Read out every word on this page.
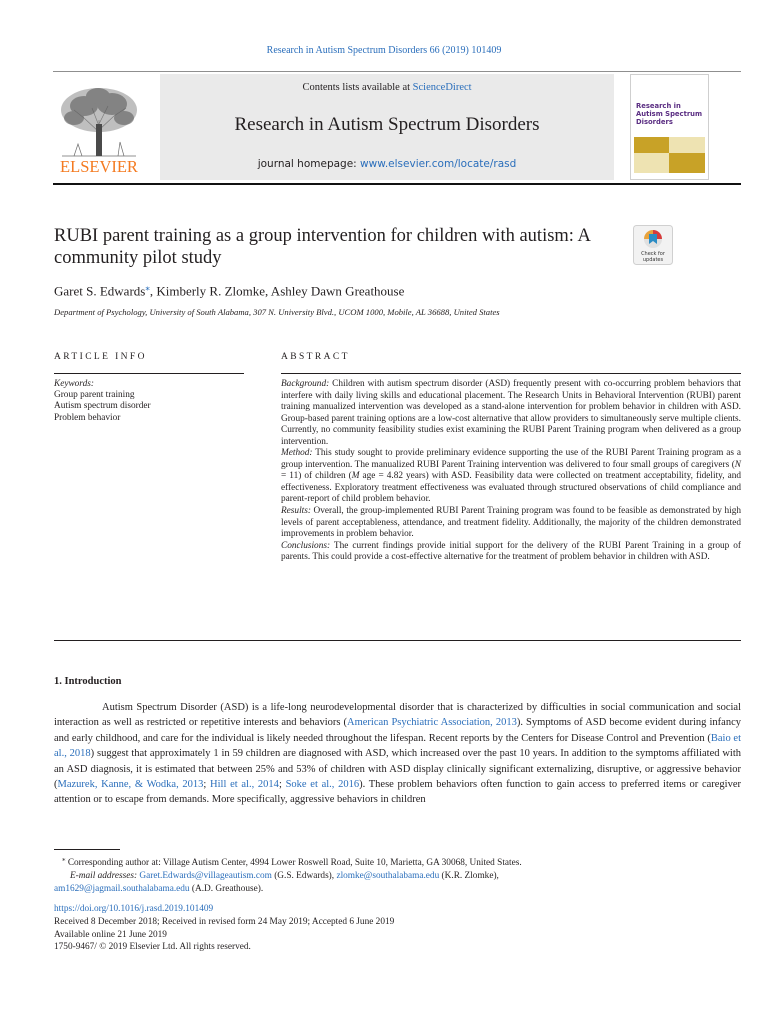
Research in Autism Spectrum Disorders 66 (2019) 101409
ELSEVIER
Contents lists available at ScienceDirect
Research in Autism Spectrum Disorders
journal homepage: www.elsevier.com/locate/rasd
Research in Autism Spectrum Disorders
RUBI parent training as a group intervention for children with autism: A community pilot study	Check for
updates
Garet S. Edwards⁎, Kimberly R. Zlomke, Ashley Dawn Greathouse
Department of Psychology, University of South Alabama, 307 N. University Blvd., UCOM 1000, Mobile, AL 36688, United States
ARTICLE INFO	ABSTRACT
Keywords:
Group parent training
Autism spectrum disorder
Problem behavior

Background: Children with autism spectrum disorder (ASD) frequently present with co-occurring problem behaviors that interfere with daily living skills and educational placement. The Research Units in Behavioral Intervention (RUBI) parent training manualized intervention was developed as a stand-alone intervention for problem behavior in children with ASD. Group-based parent training options are a low-cost alternative that allow providers to simultaneously serve multiple clients. Currently, no community feasibility studies exist examining the RUBI Parent Training program when delivered as a group intervention.

Method: This study sought to provide preliminary evidence supporting the use of the RUBI Parent Training program as a group intervention. The manualized RUBI Parent Training intervention was delivered to four small groups of caregivers (N = 11) of children (M age = 4.82 years) with ASD. Feasibility data were collected on treatment acceptability, fidelity, and effectiveness. Exploratory treatment effectiveness was evaluated through structured observations of child compliance and parent-report of child problem behavior.

Results: Overall, the group-implemented RUBI Parent Training program was found to be feasible as demonstrated by high levels of parent acceptableness, attendance, and treatment fidelity. Additionally, the majority of the children demonstrated improvements in problem behavior.

Conclusions: The current findings provide initial support for the delivery of the RUBI Parent Training in a group of parents. This could provide a cost-effective alternative for the treatment of problem behavior in children with ASD.

1. Introduction

Autism Spectrum Disorder (ASD) is a life-long neurodevelopmental disorder that is characterized by difficulties in social communication and social interaction as well as restricted or repetitive interests and behaviors (American Psychiatric Association, 2013). Symptoms of ASD become evident during infancy and early childhood, and care for the individual is likely needed throughout the lifespan. Recent reports by the Centers for Disease Control and Prevention (Baio et al., 2018) suggest that approximately 1 in 59 children are diagnosed with ASD, which increased over the past 10 years. In addition to the symptoms affiliated with an ASD diagnosis, it is estimated that between 25% and 53% of children with ASD display clinically significant externalizing, disruptive, or aggressive behavior (Mazurek, Kanne, & Wodka, 2013; Hill et al., 2014; Soke et al., 2016). These problem behaviors often function to gain access to preferred items or caregiver attention or to escape from demands. More specifically, aggressive behaviors in children

⁎ Corresponding author at: Village Autism Center, 4994 Lower Roswell Road, Suite 10, Marietta, GA 30068, United States.
E-mail addresses: Garet.Edwards@villageautism.com (G.S. Edwards), zlomke@southalabama.edu (K.R. Zlomke),
am1629@jagmail.southalabama.edu (A.D. Greathouse).
https://doi.org/10.1016/j.rasd.2019.101409
Received 8 December 2018; Received in revised form 24 May 2019; Accepted 6 June 2019
Available online 21 June 2019
1750-9467/ © 2019 Elsevier Ltd. All rights reserved.
